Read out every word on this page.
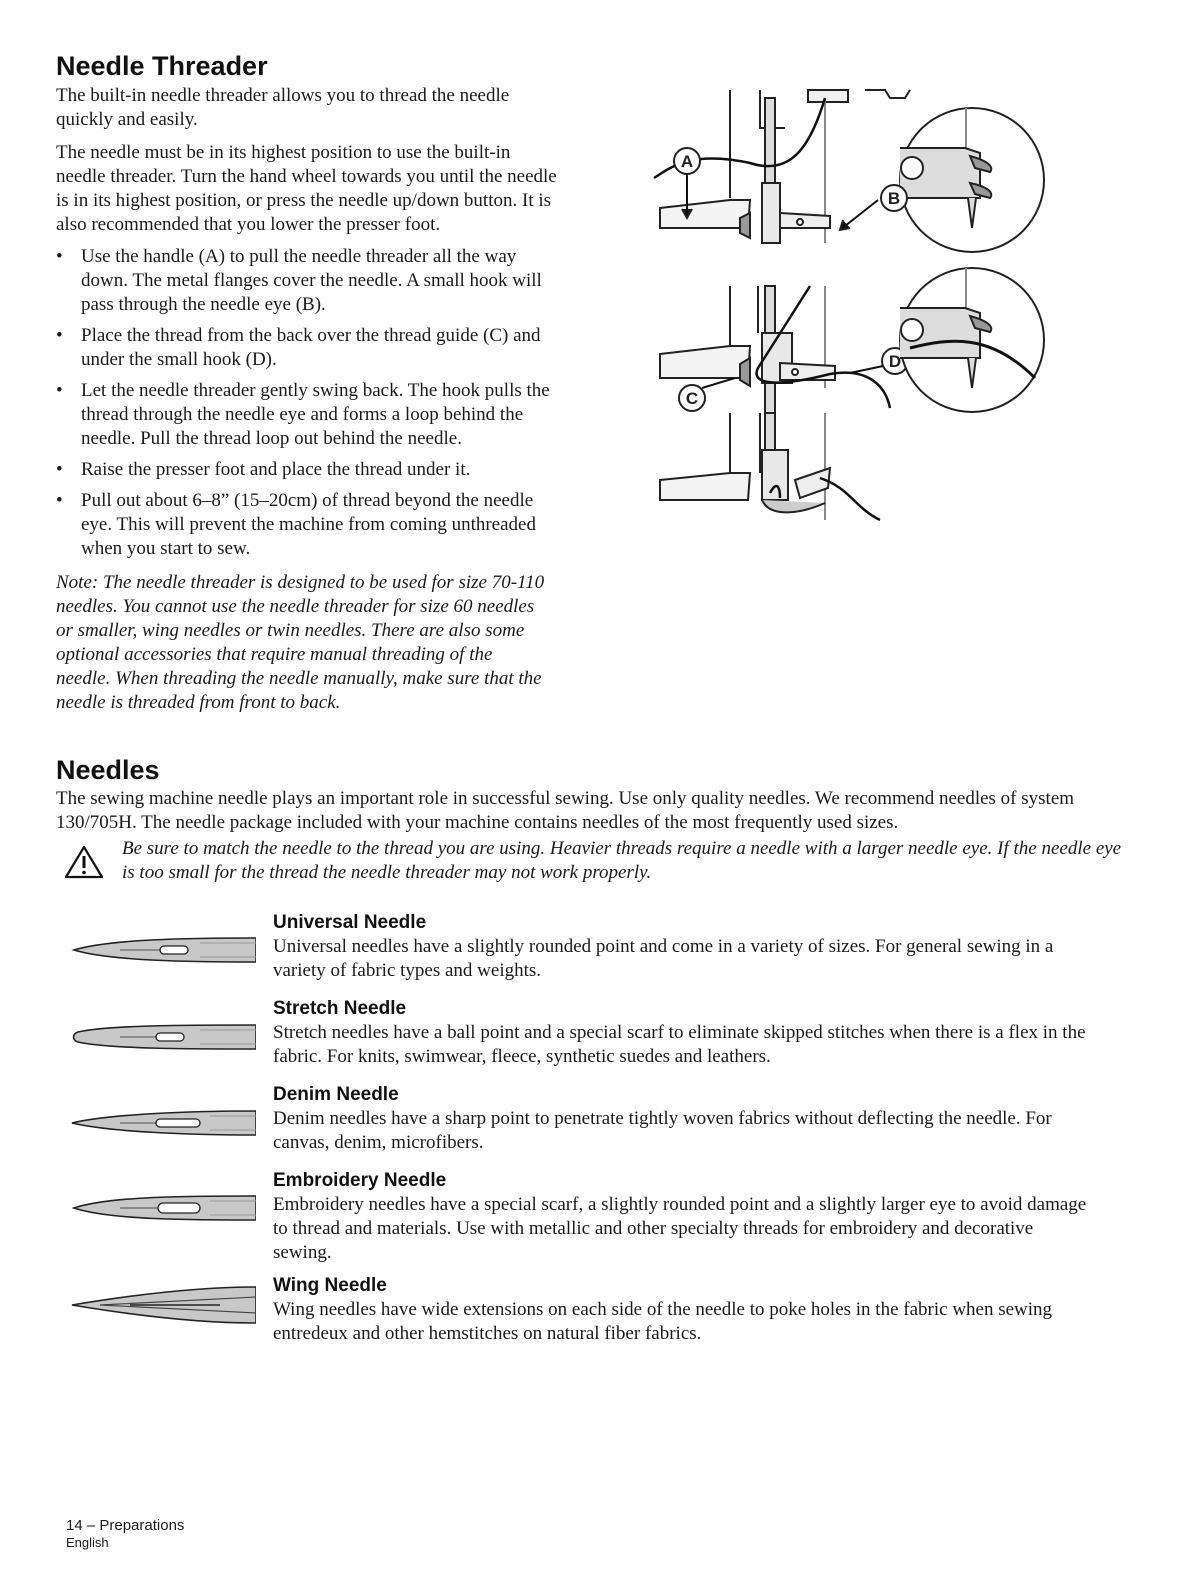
Needle Threader

The built-in needle threader allows you to thread the needle quickly and easily.

The needle must be in its highest position to use the built-in needle threader. Turn the hand wheel towards you until the needle is in its highest position, or press the needle up/down button. It is also recommended that you lower the presser foot.

• Use the handle (A) to pull the needle threader all the way down. The metal flanges cover the needle. A small hook will pass through the needle eye (B).
• Place the thread from the back over the thread guide (C) and under the small hook (D).
• Let the needle threader gently swing back. The hook pulls the thread through the needle eye and forms a loop behind the needle. Pull the thread loop out behind the needle.
• Raise the presser foot and place the thread under it.
• Pull out about 6–8” (15–20cm) of thread beyond the needle eye. This will prevent the machine from coming unthreaded when you start to sew.

Note: The needle threader is designed to be used for size 70-110 needles. You cannot use the needle threader for size 60 needles or smaller, wing needles or twin needles. There are also some optional accessories that require manual threading of the needle. When threading the needle manually, make sure that the needle is threaded from front to back.

A
B
C
D
Needles

The sewing machine needle plays an important role in successful sewing. Use only quality needles. We recommend needles of system 130/705H. The needle package included with your machine contains needles of the most frequently used sizes.

Be sure to match the needle to the thread you are using. Heavier threads require a needle with a larger needle eye. If the needle eye is too small for the thread the needle threader may not work properly.

Universal Needle

Universal needles have a slightly rounded point and come in a variety of sizes. For general sewing in a variety of fabric types and weights.

Stretch Needle

Stretch needles have a ball point and a special scarf to eliminate skipped stitches when there is a flex in the fabric. For knits, swimwear, fleece, synthetic suedes and leathers.

Denim Needle

Denim needles have a sharp point to penetrate tightly woven fabrics without deflecting the needle. For canvas, denim, microfibers.

Embroidery Needle

Embroidery needles have a special scarf, a slightly rounded point and a slightly larger eye to avoid damage to thread and materials. Use with metallic and other specialty threads for embroidery and decorative sewing.

Wing Needle

Wing needles have wide extensions on each side of the needle to poke holes in the fabric when sewing entredeux and other hemstitches on natural fiber fabrics.

14 – Preparations
English
